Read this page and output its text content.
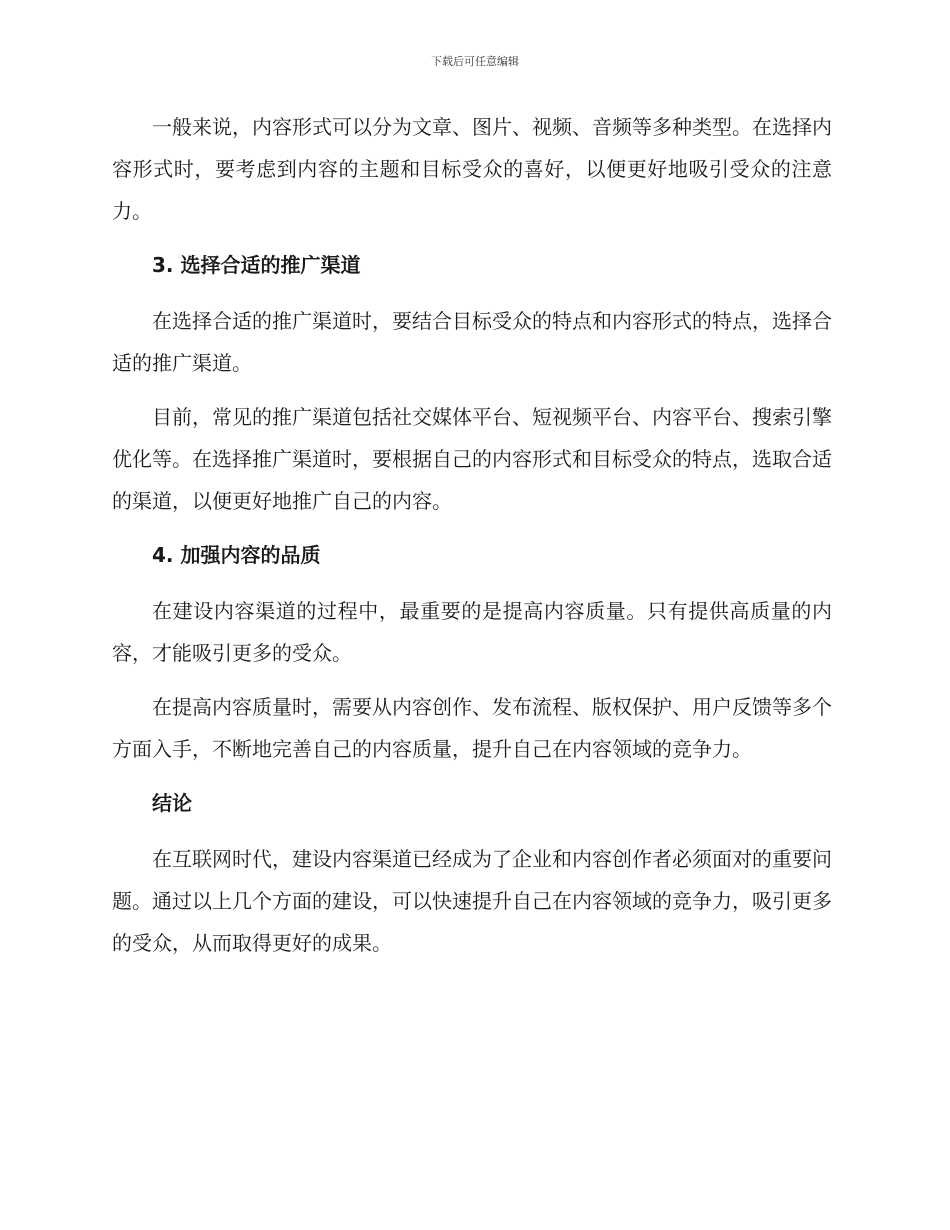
下载后可任意编辑

一般来说，内容形式可以分为文章、图片、视频、音频等多种类型。在选择内容形式时，要考虑到内容的主题和目标受众的喜好，以便更好地吸引受众的注意力。

3. 选择合适的推广渠道

在选择合适的推广渠道时，要结合目标受众的特点和内容形式的特点，选择合适的推广渠道。

目前，常见的推广渠道包括社交媒体平台、短视频平台、内容平台、搜索引擎优化等。在选择推广渠道时，要根据自己的内容形式和目标受众的特点，选取合适的渠道，以便更好地推广自己的内容。

4. 加强内容的品质

在建设内容渠道的过程中，最重要的是提高内容质量。只有提供高质量的内容，才能吸引更多的受众。

在提高内容质量时，需要从内容创作、发布流程、版权保护、用户反馈等多个方面入手，不断地完善自己的内容质量，提升自己在内容领域的竞争力。

结论

在互联网时代，建设内容渠道已经成为了企业和内容创作者必须面对的重要问题。通过以上几个方面的建设，可以快速提升自己在内容领域的竞争力，吸引更多的受众，从而取得更好的成果。
